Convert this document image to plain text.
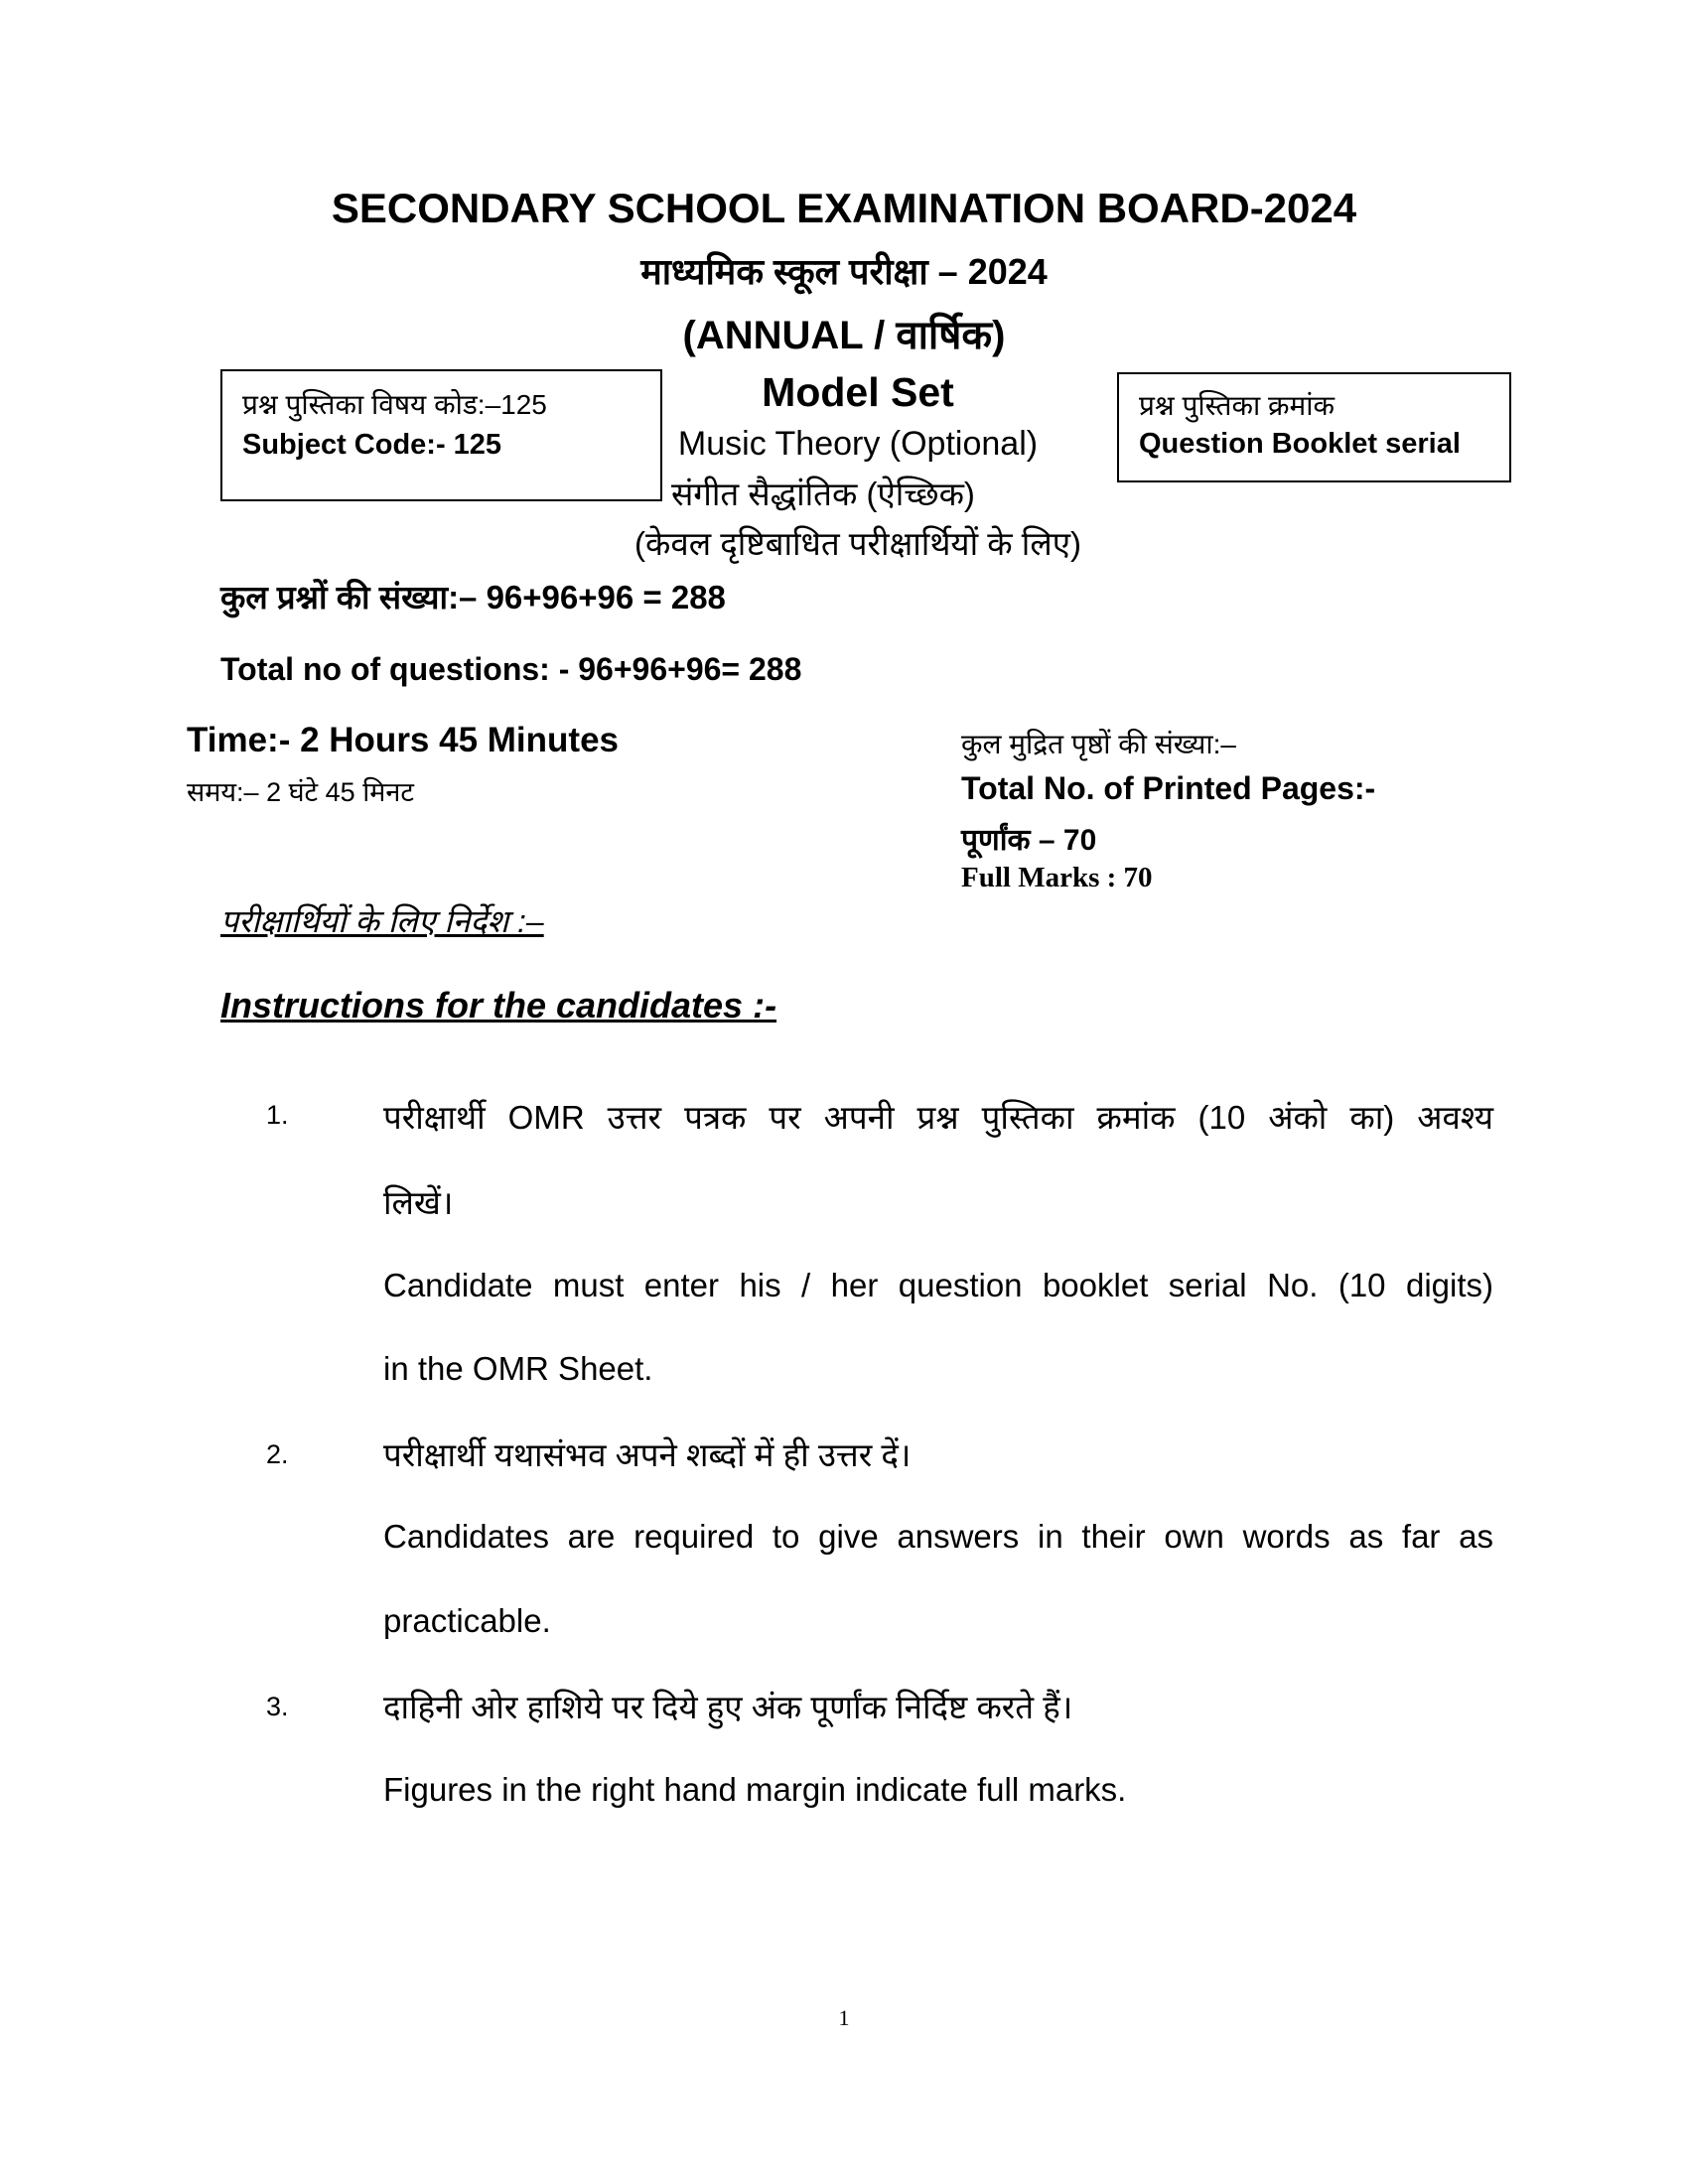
SECONDARY SCHOOL EXAMINATION BOARD-2024
माध्यमिक स्कूल परीक्षा – 2024
(ANNUAL / वार्षिक)
प्रश्न पुस्तिका विषय कोड:–125
Subject Code:- 125
Model Set
Music Theory (Optional)
संगीत सैद्धांतिक (ऐच्छिक)
(केवल दृष्टिबाधित परीक्षार्थियों के लिए)
प्रश्न पुस्तिका क्रमांक
Question Booklet serial
कुल प्रश्नों की संख्या:– 96+96+96 = 288
Total no of questions: - 96+96+96= 288
Time:- 2 Hours 45 Minutes
समय:– 2 घंटे 45 मिनट
कुल मुद्रित पृष्ठों की संख्या:–
Total No. of Printed Pages:-
पूर्णांक – 70
Full Marks : 70
परीक्षार्थियों के लिए निर्देश :–
Instructions for the candidates :-
1.	परीक्षार्थी OMR उत्तर पत्रक पर अपनी प्रश्न पुस्तिका क्रमांक (10 अंको का) अवश्य
लिखें।
Candidate must enter his / her question booklet serial No. (10 digits)
in the OMR Sheet.
2.	परीक्षार्थी यथासंभव अपने शब्दों में ही उत्तर दें।
Candidates are required to give answers in their own words as far as
practicable.
3.	दाहिनी ओर हाशिये पर दिये हुए अंक पूर्णांक निर्दिष्ट करते हैं।
Figures in the right hand margin indicate full marks.
1
